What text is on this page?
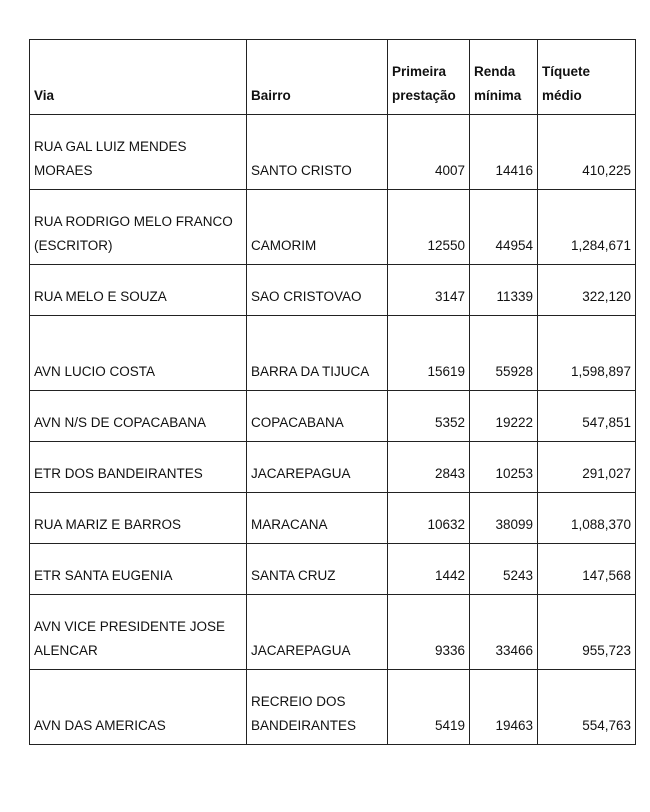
Via	Bairro	Primeira prestação	Renda mínima	Tíquete médio
RUA GAL LUIZ MENDES MORAES	SANTO CRISTO	4007	14416	410,225
RUA RODRIGO MELO FRANCO (ESCRITOR)	CAMORIM	12550	44954	1,284,671
RUA MELO E SOUZA	SAO CRISTOVAO	3147	11339	322,120
AVN LUCIO COSTA	BARRA DA TIJUCA	15619	55928	1,598,897
AVN N/S DE COPACABANA	COPACABANA	5352	19222	547,851
ETR DOS BANDEIRANTES	JACAREPAGUA	2843	10253	291,027
RUA MARIZ E BARROS	MARACANA	10632	38099	1,088,370
ETR SANTA EUGENIA	SANTA CRUZ	1442	5243	147,568
AVN VICE PRESIDENTE JOSE ALENCAR	JACAREPAGUA	9336	33466	955,723
AVN DAS AMERICAS	RECREIO DOS BANDEIRANTES	5419	19463	554,763
